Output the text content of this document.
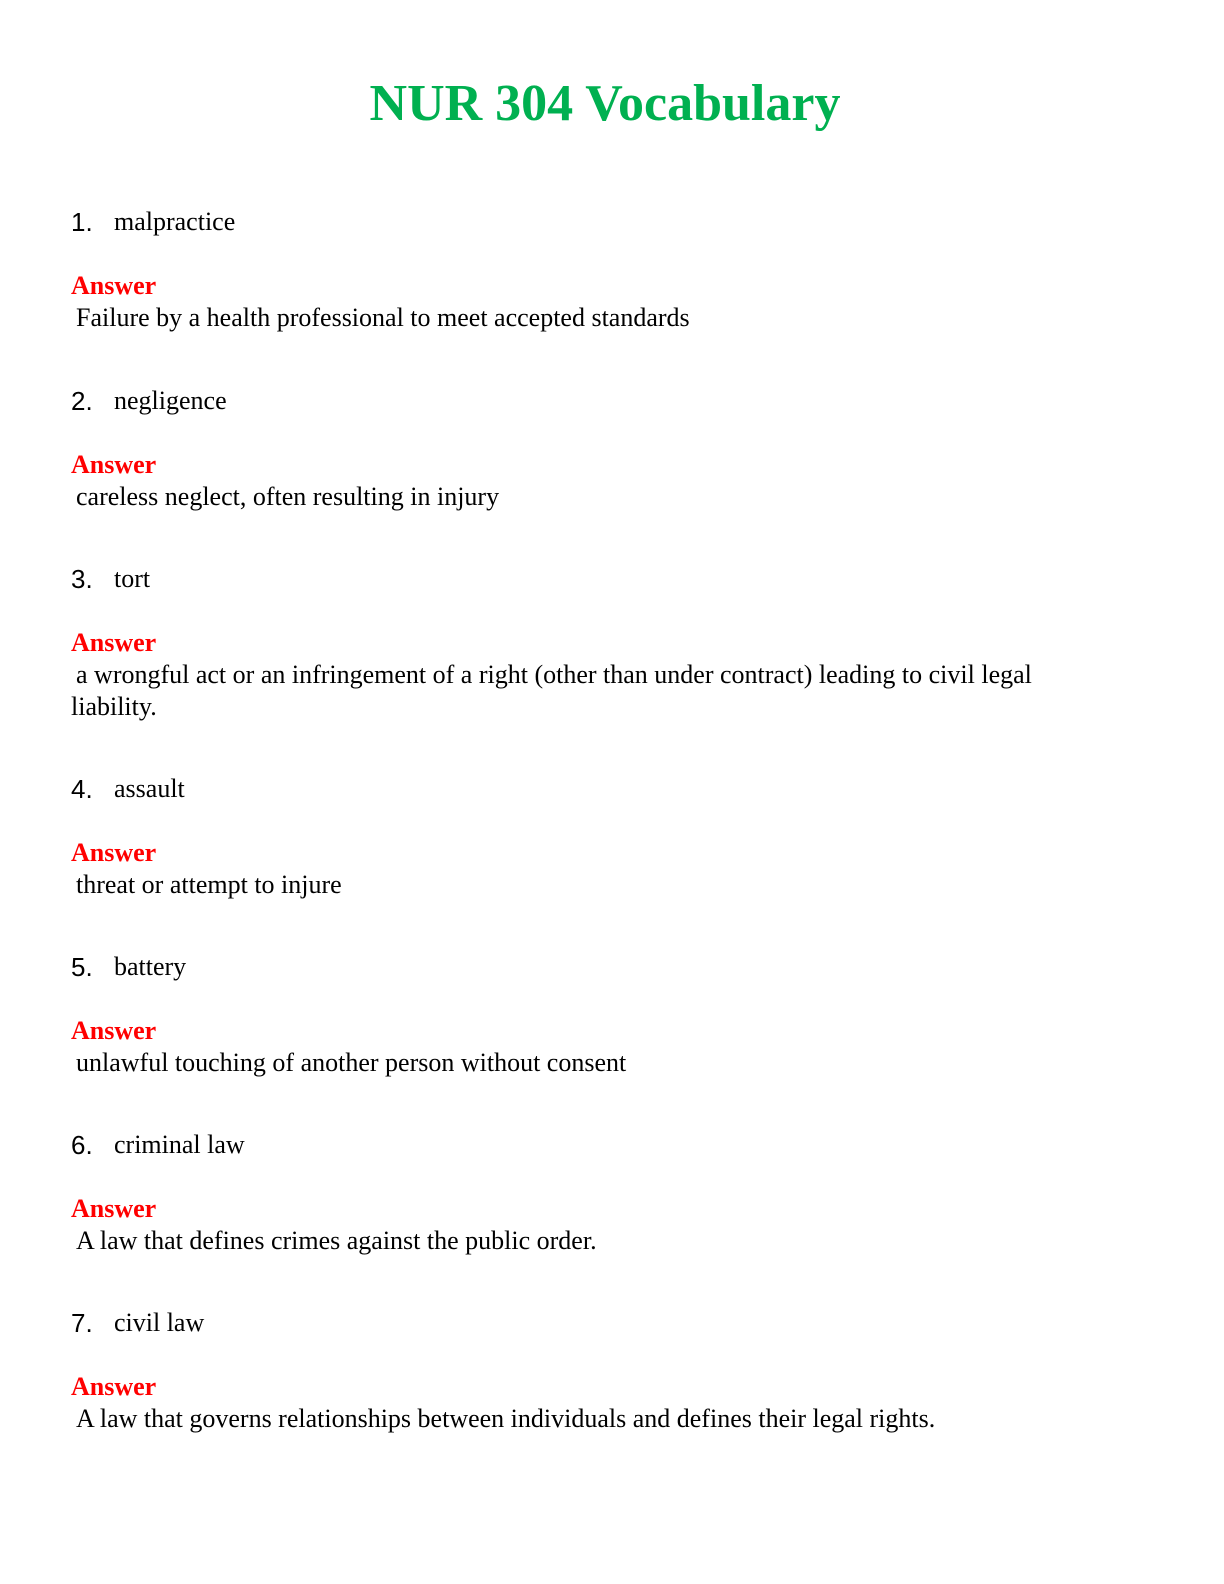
NUR 304 Vocabulary
1. malpractice
Answer
Failure by a health professional to meet accepted standards
2. negligence
Answer
careless neglect, often resulting in injury
3. tort
Answer
a wrongful act or an infringement of a right (other than under contract) leading to civil legal liability.
4. assault
Answer
threat or attempt to injure
5. battery
Answer
unlawful touching of another person without consent
6. criminal law
Answer
A law that defines crimes against the public order.
7. civil law
Answer
A law that governs relationships between individuals and defines their legal rights.
